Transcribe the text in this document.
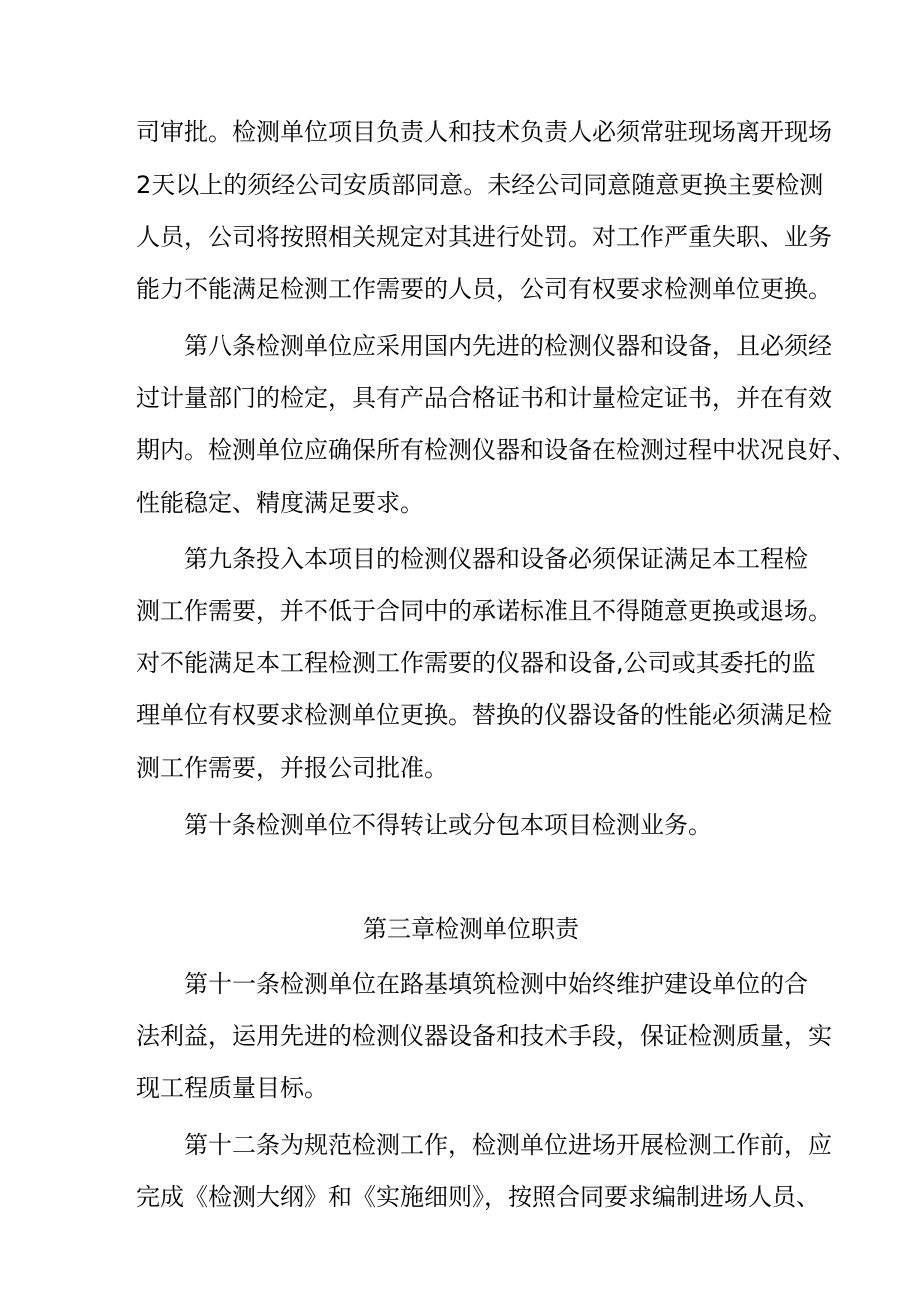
司审批。检测单位项目负责人和技术负责人必须常驻现场离开现场

2天以上的须经公司安质部同意。未经公司同意随意更换主要检测

人员，公司将按照相关规定对其进行处罚。对工作严重失职、业务

能力不能满足检测工作需要的人员，公司有权要求检测单位更换。

第八条检测单位应采用国内先进的检测仪器和设备，且必须经

过计量部门的检定，具有产品合格证书和计量检定证书，并在有效

期内。检测单位应确保所有检测仪器和设备在检测过程中状况良好、

性能稳定、精度满足要求。

第九条投入本项目的检测仪器和设备必须保证满足本工程检

测工作需要，并不低于合同中的承诺标准且不得随意更换或退场。

对不能满足本工程检测工作需要的仪器和设备,公司或其委托的监

理单位有权要求检测单位更换。替换的仪器设备的性能必须满足检

测工作需要，并报公司批准。

第十条检测单位不得转让或分包本项目检测业务。

第三章检测单位职责

第十一条检测单位在路基填筑检测中始终维护建设单位的合

法利益，运用先进的检测仪器设备和技术手段，保证检测质量，实

现工程质量目标。

第十二条为规范检测工作，检测单位进场开展检测工作前，应

完成《检测大纲》和《实施细则》，按照合同要求编制进场人员、
